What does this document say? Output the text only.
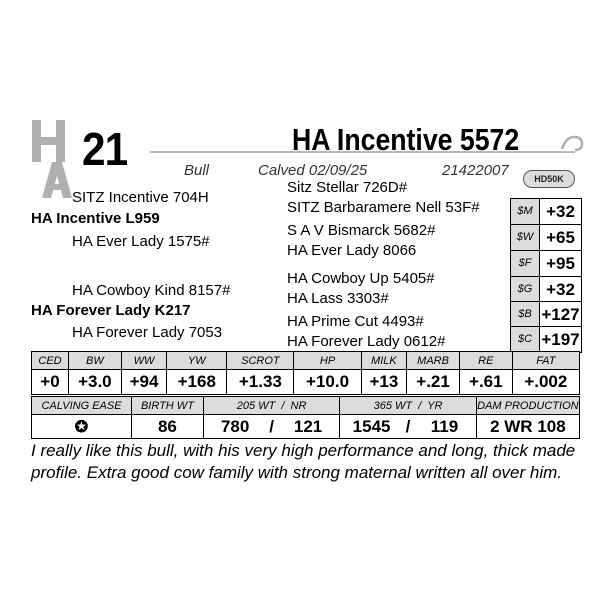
21	HA Incentive 5572
Bull	Calved 02/09/25	21422007	HD50K
SITZ Incentive 704H
HA Incentive L959
HA Ever Lady 1575#
HA Cowboy Kind 8157#
HA Forever Lady K217
HA Forever Lady 7053
Sitz Stellar 726D#
SITZ Barbaramere Nell 53F#
S A V Bismarck 5682#
HA Ever Lady 8066
HA Cowboy Up 5405#
HA Lass 3303#
HA Prime Cut 4493#
HA Forever Lady 0612#
$M +32
$W +65
$F +95
$G +32
$B +127
$C +197
CED	BW	WW	YW	SCROT	HP	MILK	MARB	RE	FAT
+0	+3.0	+94	+168	+1.33	+10.0	+13	+.21	+.61	+.002
CALVING EASE	BIRTH WT	205 WT  /  NR			365 WT  /  YR			DAM PRODUCTION
✪	86	780	/	121	1545	/	119	2 WR 108
I really like this bull, with his very high performance and long, thick made profile. Extra good cow family with strong maternal written all over him.
